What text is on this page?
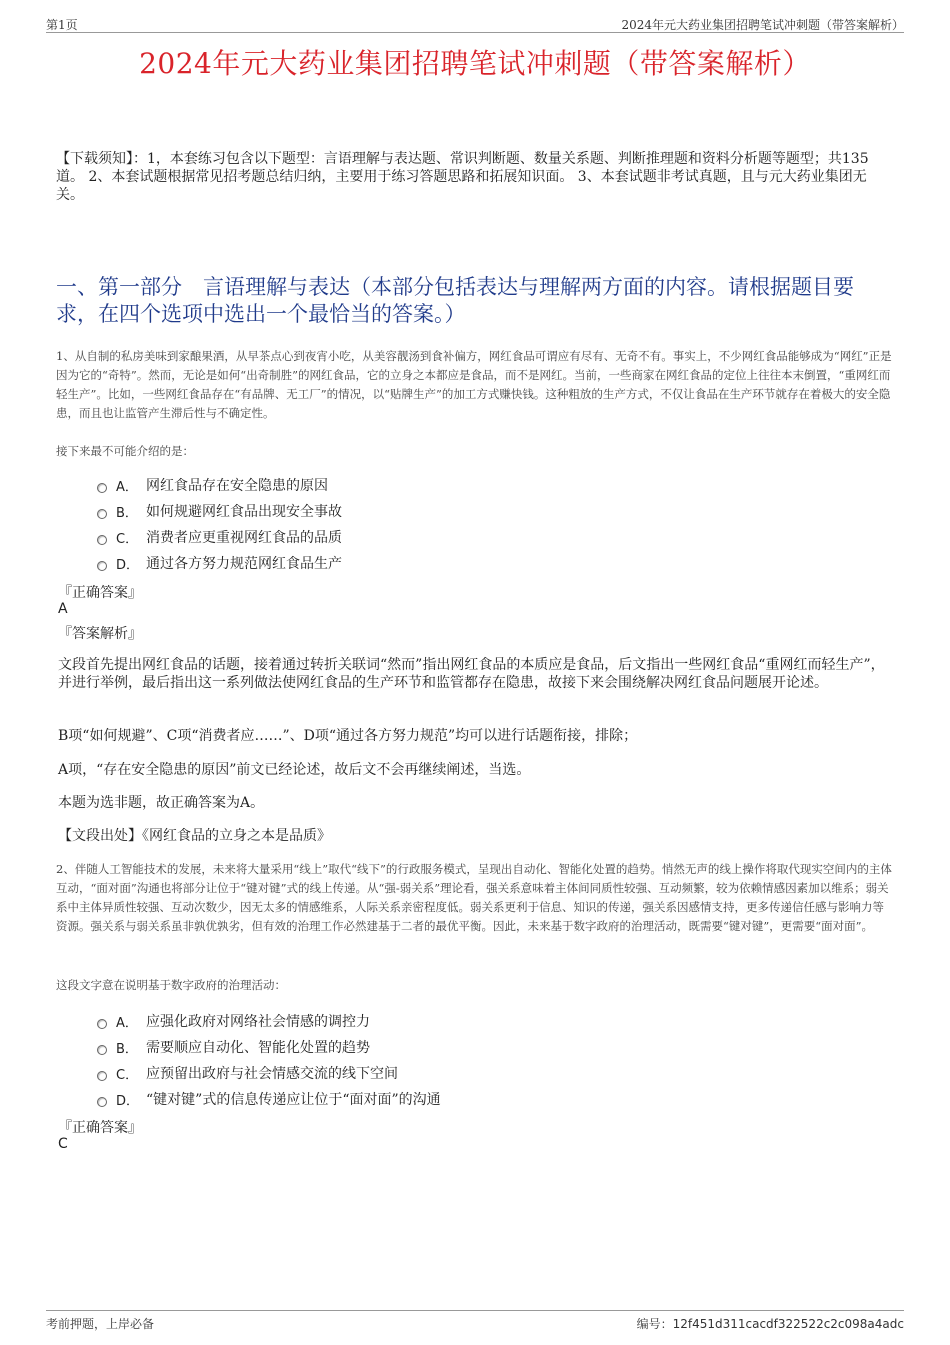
第1页	2024年元大药业集团招聘笔试冲刺题（带答案解析）
2024年元大药业集团招聘笔试冲刺题（带答案解析）
【下载须知】：1，本套练习包含以下题型：言语理解与表达题、常识判断题、数量关系题、判断推理题和资料分析题等题型；共135道。 2、本套试题根据常见招考题总结归纳，主要用于练习答题思路和拓展知识面。 3、本套试题非考试真题，且与元大药业集团无关。
一、第一部分　言语理解与表达（本部分包括表达与理解两方面的内容。请根据题目要求，在四个选项中选出一个最恰当的答案。）
1、从自制的私房美味到家酿果酒，从早茶点心到夜宵小吃，从美容靓汤到食补偏方，网红食品可谓应有尽有、无奇不有。事实上，不少网红食品能够成为“网红”正是因为它的“奇特”。然而，无论是如何“出奇制胜”的网红食品，它的立身之本都应是食品，而不是网红。当前，一些商家在网红食品的定位上往往本末倒置，“重网红而轻生产”。比如，一些网红食品存在“有品牌、无工厂”的情况，以“贴牌生产”的加工方式赚快钱。这种粗放的生产方式，不仅让食品在生产环节就存在着极大的安全隐患，而且也让监管产生滞后性与不确定性。
接下来最不可能介绍的是：
A． 网红食品存在安全隐患的原因
B． 如何规避网红食品出现安全事故
C． 消费者应更重视网红食品的品质
D． 通过各方努力规范网红食品生产
『正确答案』
A
『答案解析』
文段首先提出网红食品的话题，接着通过转折关联词“然而”指出网红食品的本质应是食品，后文指出一些网红食品“重网红而轻生产”，并进行举例，最后指出这一系列做法使网红食品的生产环节和监管都存在隐患，故接下来会围绕解决网红食品问题展开论述。
B项“如何规避”、C项“消费者应……”、D项“通过各方努力规范”均可以进行话题衔接，排除；
A项，“存在安全隐患的原因”前文已经论述，故后文不会再继续阐述，当选。
本题为选非题，故正确答案为A。
【文段出处】《网红食品的立身之本是品质》
2、伴随人工智能技术的发展，未来将大量采用“线上”取代“线下”的行政服务模式，呈现出自动化、智能化处置的趋势。悄然无声的线上操作将取代现实空间内的主体互动，“面对面”沟通也将部分让位于“键对键”式的线上传递。从“强-弱关系”理论看，强关系意味着主体间同质性较强、互动频繁，较为依赖情感因素加以维系；弱关系中主体异质性较强、互动次数少，因无太多的情感维系，人际关系亲密程度低。弱关系更利于信息、知识的传递，强关系因感情支持，更多传递信任感与影响力等资源。强关系与弱关系虽非孰优孰劣，但有效的治理工作必然建基于二者的最优平衡。因此，未来基于数字政府的治理活动，既需要“键对键”，更需要“面对面”。
这段文字意在说明基于数字政府的治理活动：
A． 应强化政府对网络社会情感的调控力
B． 需要顺应自动化、智能化处置的趋势
C． 应预留出政府与社会情感交流的线下空间
D． “键对键”式的信息传递应让位于“面对面”的沟通
『正确答案』
C
考前押题，上岸必备	编号：12f451d311cacdf322522c2c098a4adc
